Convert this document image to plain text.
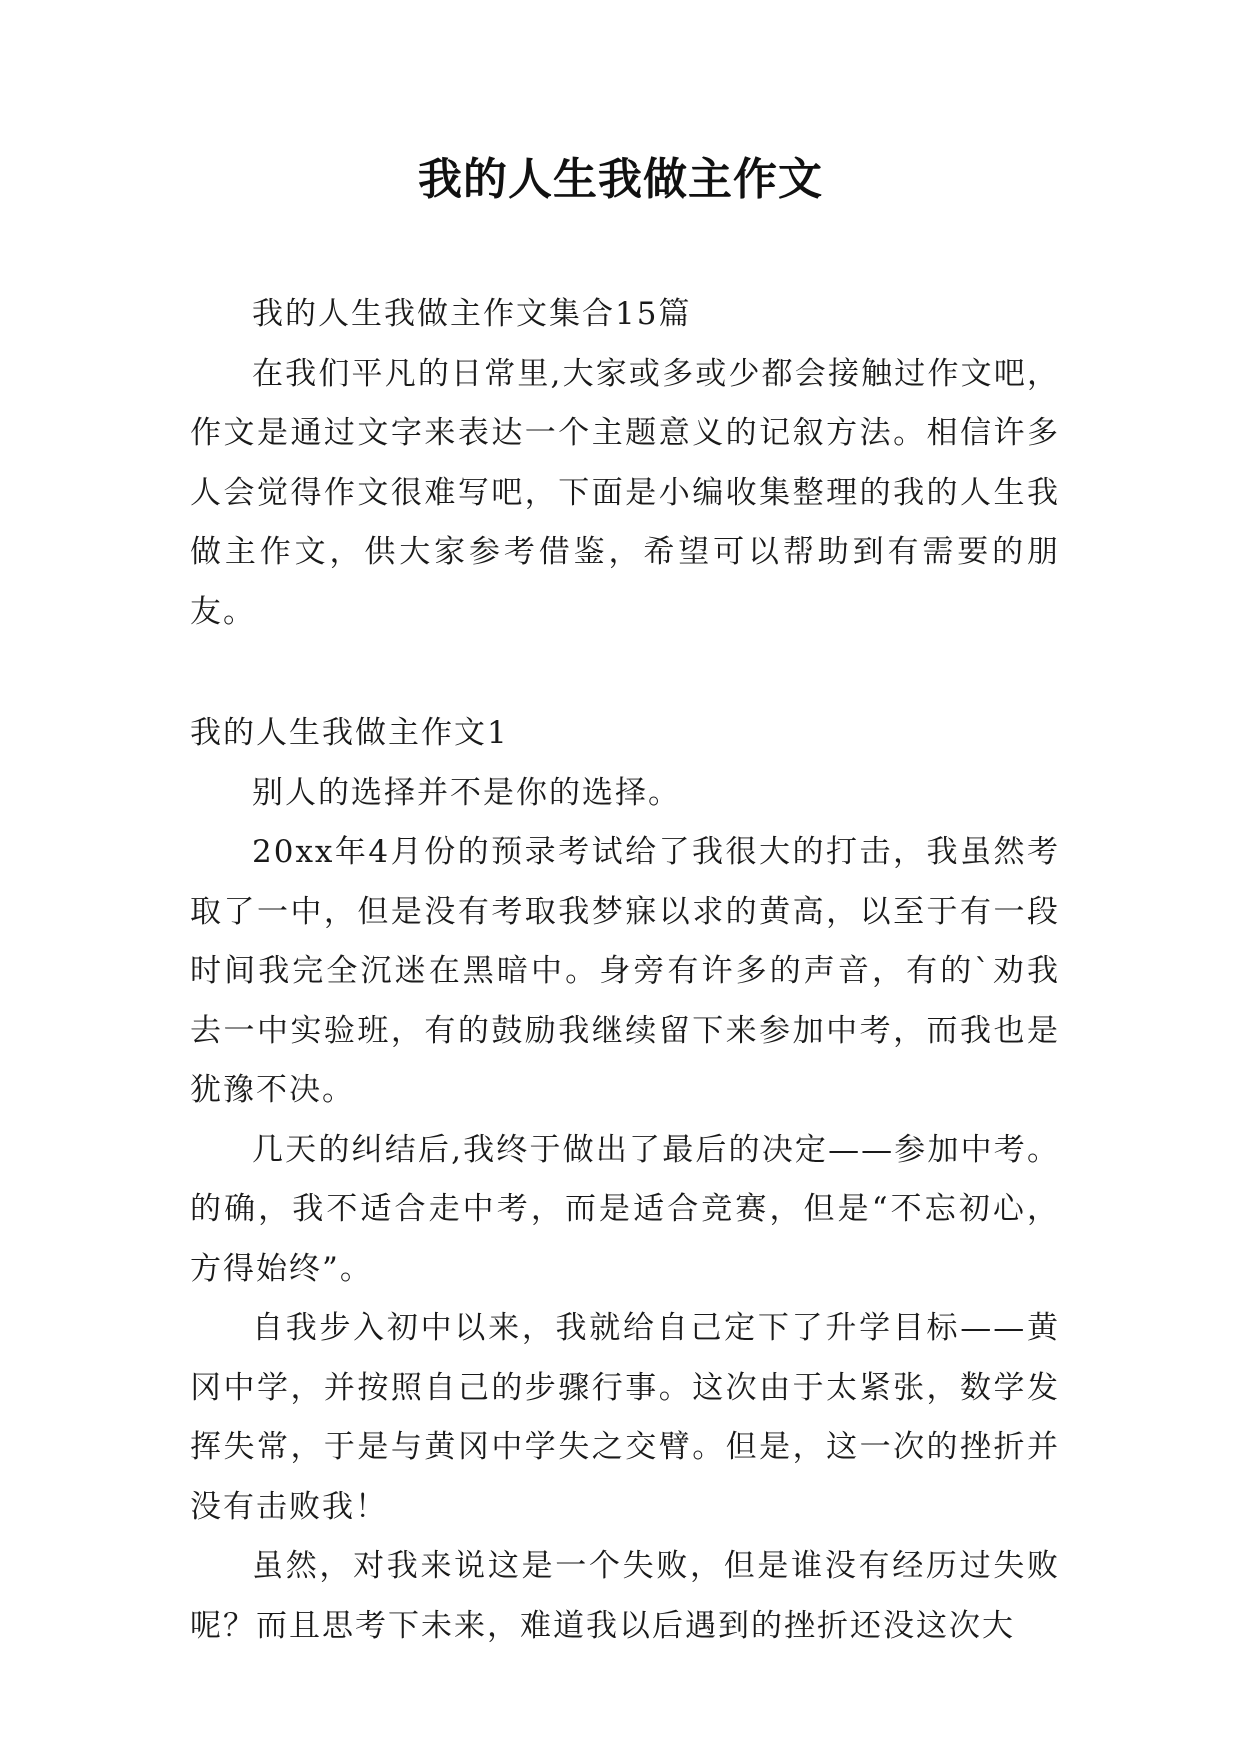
我的人生我做主作文

我的人生我做主作文集合15篇

在我们平凡的日常里,大家或多或少都会接触过作文吧，作文是通过文字来表达一个主题意义的记叙方法。相信许多人会觉得作文很难写吧，下面是小编收集整理的我的人生我做主作文，供大家参考借鉴，希望可以帮助到有需要的朋友。

我的人生我做主作文1

别人的选择并不是你的选择。

20xx年4月份的预录考试给了我很大的打击，我虽然考取了一中，但是没有考取我梦寐以求的黄高，以至于有一段时间我完全沉迷在黑暗中。身旁有许多的声音，有的`劝我去一中实验班，有的鼓励我继续留下来参加中考，而我也是犹豫不决。

几天的纠结后,我终于做出了最后的决定——参加中考。的确，我不适合走中考，而是适合竞赛，但是“不忘初心，方得始终”。

自我步入初中以来，我就给自己定下了升学目标——黄冈中学，并按照自己的步骤行事。这次由于太紧张，数学发挥失常，于是与黄冈中学失之交臂。但是，这一次的挫折并没有击败我！

虽然，对我来说这是一个失败，但是谁没有经历过失败呢？而且思考下未来，难道我以后遇到的挫折还没这次大
